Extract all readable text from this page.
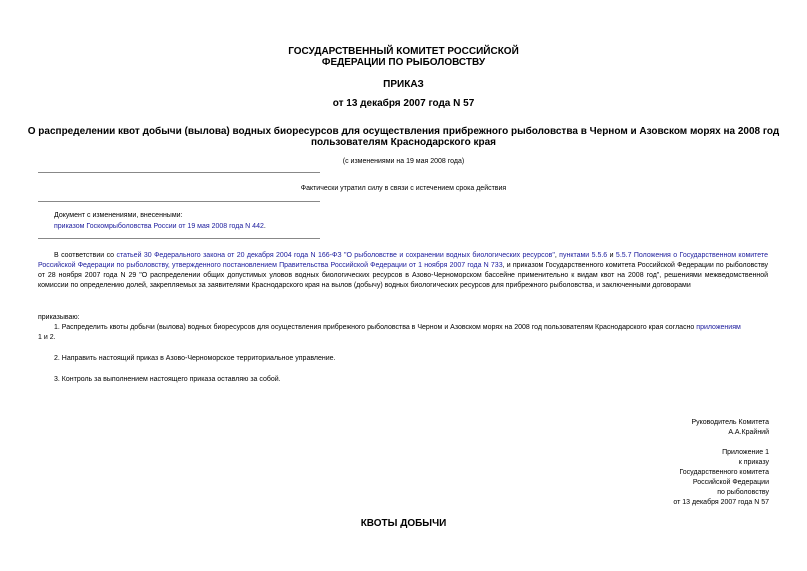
ГОСУДАРСТВЕННЫЙ КОМИТЕТ РОССИЙСКОЙ
ФЕДЕРАЦИИ ПО РЫБОЛОВСТВУ
ПРИКАЗ
от 13 декабря 2007 года N 57
О распределении квот добычи (вылова) водных биоресурсов для осуществления прибрежного рыболовства в Черном и Азовском морях на 2008 год
пользователям Краснодарского края
(с изменениями на 19 мая 2008 года)
Фактически утратил силу в связи с истечением срока действия
Документ с изменениями, внесенными:
приказом Госкомрыболовства России от 19 мая 2008 года N 442.
В соответствии со статьей 30 Федерального закона от 20 декабря 2004 года N 166-ФЗ "О рыболовстве и сохранении водных биологических ресурсов", пунктами 5.5.6 и 5.5.7 Положения о Государственном комитете Российской Федерации по рыболовству, утвержденного постановлением Правительства Российской Федерации от 1 ноября 2007 года N 733, и приказом Государственного комитета Российской Федерации по рыболовству от 28 ноября 2007 года N 29 "О распределении общих допустимых уловов водных биологических ресурсов в Азово-Черноморском бассейне применительно к видам квот на 2008 год", решениями межведомственной комиссии по определению долей, закрепляемых за заявителями Краснодарского края на вылов (добычу) водных биологических ресурсов для прибрежного рыболовства, и заключенными договорами
приказываю:
1. Распределить квоты добычи (вылова) водных биоресурсов для осуществления прибрежного рыболовства в Черном и Азовском морях на 2008 год пользователям Краснодарского края согласно приложениям
1 и 2.
2. Направить настоящий приказ в Азово-Черноморское территориальное управление.
3. Контроль за выполнением настоящего приказа оставляю за собой.
Руководитель Комитета
А.А.Крайний
Приложение 1
к приказу
Государственного комитета
Российской Федерации
по рыболовству
от 13 декабря 2007 года N 57
КВОТЫ ДОБЫЧИ
